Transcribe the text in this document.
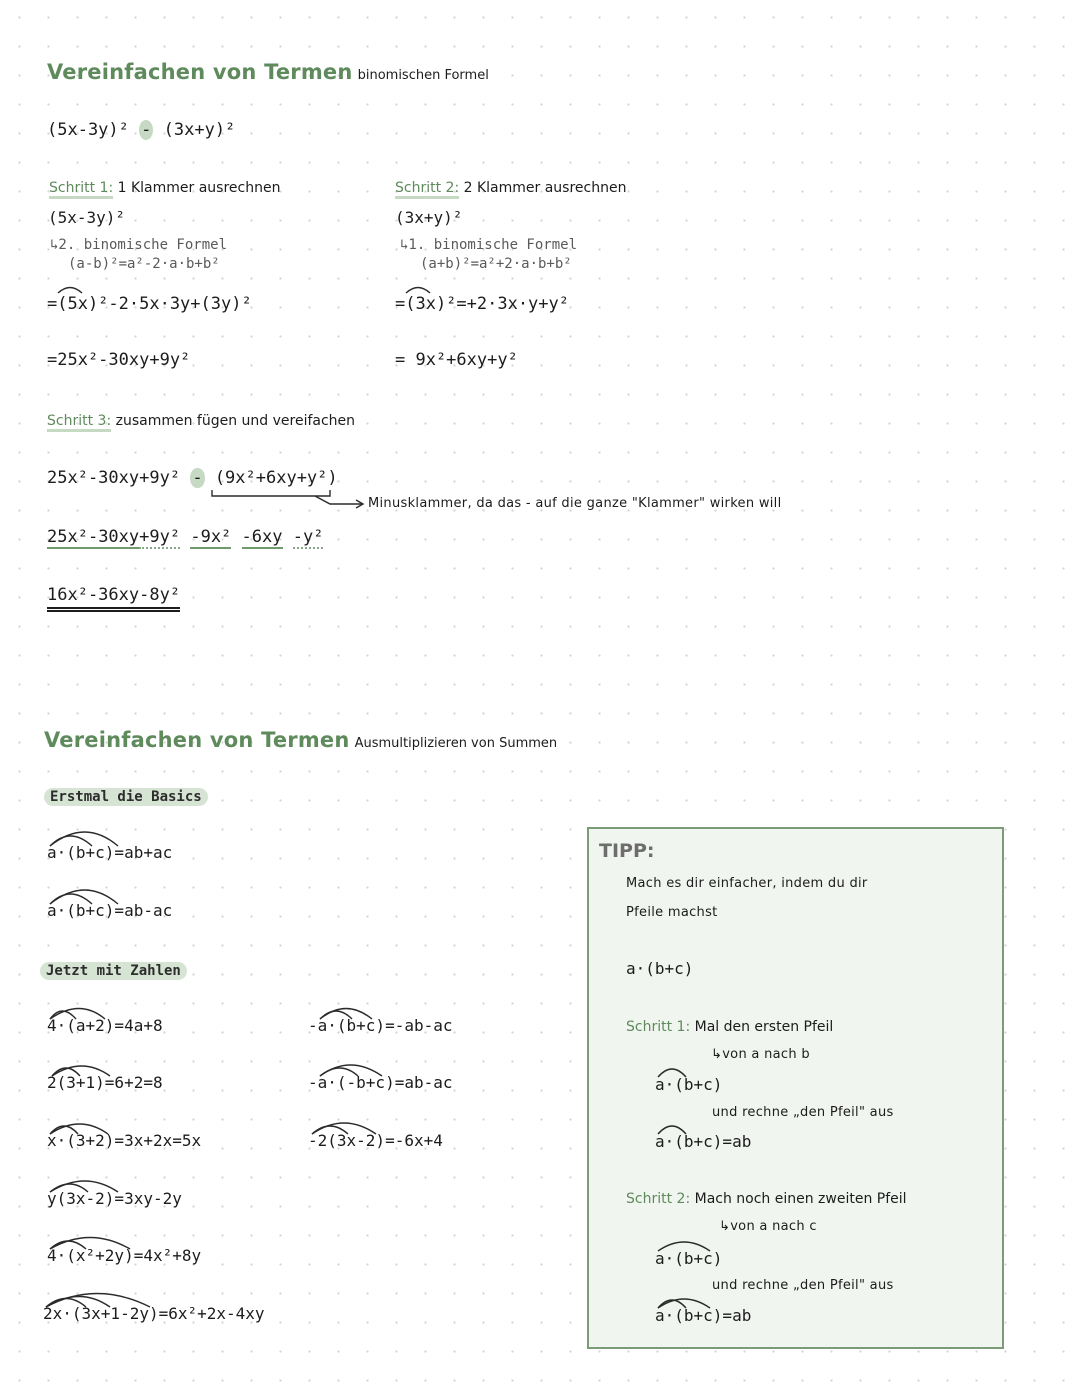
Vereinfachen von Termen binomischen Formel
(5x-3y)² - (3x+y)²
Schritt 1: 1 Klammer ausrechnen
(5x-3y)²
↳2. binomische Formel
(a-b)²=a²-2·a·b+b²
=(5x)²-2·5x·3y+(3y)²
=25x²-30xy+9y²
Schritt 2: 2 Klammer ausrechnen
(3x+y)²
↳1. binomische Formel
(a+b)²=a²+2·a·b+b²
=(3x)²=+2·3x·y+y²
= 9x²+6xy+y²
Schritt 3: zusammen fügen und vereifachen
25x²-30xy+9y² - (9x²+6xy+y²)
Minusklammer, da das - auf die ganze "Klammer" wirken will
25x²-30xy+9y² -9x² -6xy -y²
16x²-36xy-8y²
Vereinfachen von Termen Ausmultiplizieren von Summen
Erstmal die Basics
a·(b+c)=ab+ac
a·(b+c)=ab-ac
Jetzt mit Zahlen
4·(a+2)=4a+8
2(3+1)=6+2=8
x·(3+2)=3x+2x=5x
y(3x-2)=3xy-2y
4·(x²+2y)=4x²+8y
2x·(3x+1-2y)=6x²+2x-4xy
-a·(b+c)=-ab-ac
-a·(-b+c)=ab-ac
-2(3x-2)=-6x+4
TIPP:
Mach es dir einfacher, indem du dir
Pfeile machst
a·(b+c)
Schritt 1: Mal den ersten Pfeil
↳von a nach b
a·(b+c)
und rechne „den Pfeil" aus
a·(b+c)=ab
Schritt 2: Mach noch einen zweiten Pfeil
↳von a nach c
a·(b+c)
und rechne „den Pfeil" aus
a·(b+c)=ab
